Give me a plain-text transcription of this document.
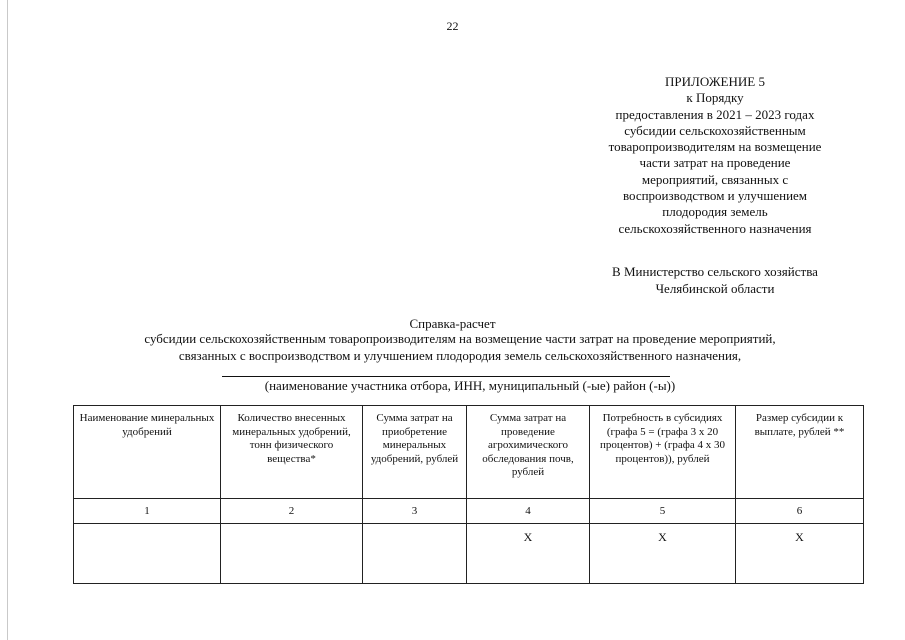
22
ПРИЛОЖЕНИЕ 5
к Порядку
предоставления в 2021 – 2023 годах
субсидии сельскохозяйственным
товаропроизводителям на возмещение
части затрат на проведение
мероприятий, связанных с
воспроизводством и улучшением
плодородия земель
сельскохозяйственного назначения
В Министерство сельского хозяйства
Челябинской области
Справка-расчет
субсидии сельскохозяйственным товаропроизводителям на возмещение части затрат на проведение мероприятий,
связанных с воспроизводством и улучшением плодородия земель сельскохозяйственного назначения,
(наименование участника отбора, ИНН, муниципальный (-ые) район (-ы))
Наименование минеральных удобрений	Количество внесенных минеральных удобрений, тонн физического вещества*	Сумма затрат на приобретение минеральных удобрений, рублей	Сумма затрат на проведение агрохимического обследования почв, рублей	Потребность в субсидиях (графа 5 = (графа 3 х 20 процентов) + (графа 4 х 30 процентов)), рублей	Размер субсидии к выплате, рублей **
1	2	3	4	5	6
			X	X	X
